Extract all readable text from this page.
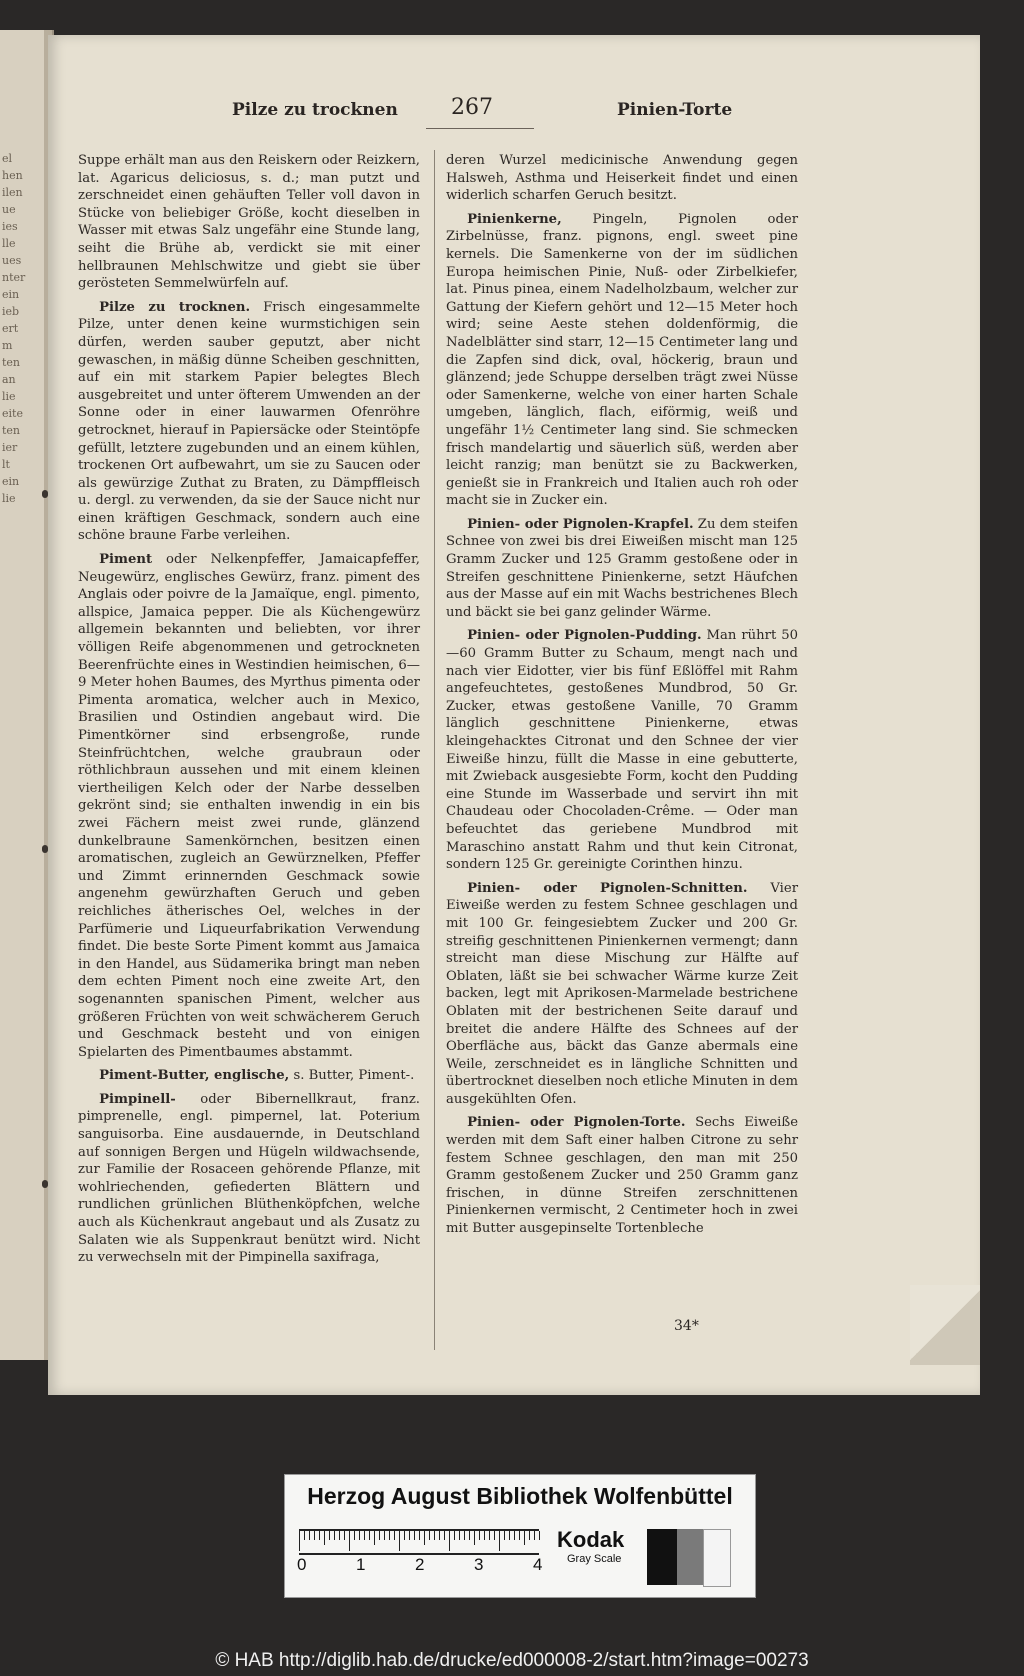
el
hen
ilen
ue
ies
lle
ues
nter
ein
ieb
ert
m
ten
an
lie
eite
ten
ier
lt
ein
lie
Pilze zu trocknen	267	Pinien-Torte

Suppe erhält man aus den Reiskern oder Reizkern, lat. Agaricus deliciosus, s. d.; man putzt und zerschneidet einen gehäuften Teller voll davon in Stücke von beliebiger Größe, kocht dieselben in Wasser mit etwas Salz ungefähr eine Stunde lang, seiht die Brühe ab, verdickt sie mit einer hellbraunen Mehlschwitze und giebt sie über gerösteten Semmelwürfeln auf.

Pilze zu trocknen. Frisch eingesammelte Pilze, unter denen keine wurmstichigen sein dürfen, werden sauber geputzt, aber nicht gewaschen, in mäßig dünne Scheiben geschnitten, auf ein mit starkem Papier belegtes Blech ausgebreitet und unter öfterem Umwenden an der Sonne oder in einer lauwarmen Ofenröhre getrocknet, hierauf in Papiersäcke oder Steintöpfe gefüllt, letztere zugebunden und an einem kühlen, trockenen Ort aufbewahrt, um sie zu Saucen oder als gewürzige Zuthat zu Braten, zu Dämpffleisch u. dergl. zu verwenden, da sie der Sauce nicht nur einen kräftigen Geschmack, sondern auch eine schöne braune Farbe verleihen.

Piment oder Nelkenpfeffer, Jamaicapfeffer, Neugewürz, englisches Gewürz, franz. piment des Anglais oder poivre de la Jamaïque, engl. pimento, allspice, Jamaica pepper. Die als Küchengewürz allgemein bekannten und beliebten, vor ihrer völligen Reife abgenommenen und getrockneten Beerenfrüchte eines in Westindien heimischen, 6—9 Meter hohen Baumes, des Myrthus pimenta oder Pimenta aromatica, welcher auch in Mexico, Brasilien und Ostindien angebaut wird. Die Pimentkörner sind erbsengroße, runde Steinfrüchtchen, welche graubraun oder röthlichbraun aussehen und mit einem kleinen viertheiligen Kelch oder der Narbe desselben gekrönt sind; sie enthalten inwendig in ein bis zwei Fächern meist zwei runde, glänzend dunkelbraune Samenkörnchen, besitzen einen aromatischen, zugleich an Gewürznelken, Pfeffer und Zimmt erinnernden Geschmack sowie angenehm gewürzhaften Geruch und geben reichliches ätherisches Oel, welches in der Parfümerie und Liqueurfabrikation Verwendung findet. Die beste Sorte Piment kommt aus Jamaica in den Handel, aus Südamerika bringt man neben dem echten Piment noch eine zweite Art, den sogenannten spanischen Piment, welcher aus größeren Früchten von weit schwächerem Geruch und Geschmack besteht und von einigen Spielarten des Pimentbaumes abstammt.

Piment-Butter, englische, s. Butter, Piment-.

Pimpinell- oder Bibernellkraut, franz. pimprenelle, engl. pimpernel, lat. Poterium sanguisorba. Eine ausdauernde, in Deutschland auf sonnigen Bergen und Hügeln wildwachsende, zur Familie der Rosaceen gehörende Pflanze, mit wohlriechenden, gefiederten Blättern und rundlichen grünlichen Blüthenköpfchen, welche auch als Küchenkraut angebaut und als Zusatz zu Salaten wie als Suppenkraut benützt wird. Nicht zu verwechseln mit der Pimpinella saxifraga,

deren Wurzel medicinische Anwendung gegen Halsweh, Asthma und Heiserkeit findet und einen widerlich scharfen Geruch besitzt.

Pinienkerne, Pingeln, Pignolen oder Zirbelnüsse, franz. pignons, engl. sweet pine kernels. Die Samenkerne von der im südlichen Europa heimischen Pinie, Nuß- oder Zirbelkiefer, lat. Pinus pinea, einem Nadelholzbaum, welcher zur Gattung der Kiefern gehört und 12—15 Meter hoch wird; seine Aeste stehen doldenförmig, die Nadelblätter sind starr, 12—15 Centimeter lang und die Zapfen sind dick, oval, höckerig, braun und glänzend; jede Schuppe derselben trägt zwei Nüsse oder Samenkerne, welche von einer harten Schale umgeben, länglich, flach, eiförmig, weiß und ungefähr 1½ Centimeter lang sind. Sie schmecken frisch mandelartig und säuerlich süß, werden aber leicht ranzig; man benützt sie zu Backwerken, genießt sie in Frankreich und Italien auch roh oder macht sie in Zucker ein.

Pinien- oder Pignolen-Krapfel. Zu dem steifen Schnee von zwei bis drei Eiweißen mischt man 125 Gramm Zucker und 125 Gramm gestoßene oder in Streifen geschnittene Pinienkerne, setzt Häufchen aus der Masse auf ein mit Wachs bestrichenes Blech und bäckt sie bei ganz gelinder Wärme.

Pinien- oder Pignolen-Pudding. Man rührt 50—60 Gramm Butter zu Schaum, mengt nach und nach vier Eidotter, vier bis fünf Eßlöffel mit Rahm angefeuchtetes, gestoßenes Mundbrod, 50 Gr. Zucker, etwas gestoßene Vanille, 70 Gramm länglich geschnittene Pinienkerne, etwas kleingehacktes Citronat und den Schnee der vier Eiweiße hinzu, füllt die Masse in eine gebutterte, mit Zwieback ausgesiebte Form, kocht den Pudding eine Stunde im Wasserbade und servirt ihn mit Chaudeau oder Chocoladen-Crême. — Oder man befeuchtet das geriebene Mundbrod mit Maraschino anstatt Rahm und thut kein Citronat, sondern 125 Gr. gereinigte Corinthen hinzu.

Pinien- oder Pignolen-Schnitten. Vier Eiweiße werden zu festem Schnee geschlagen und mit 100 Gr. feingesiebtem Zucker und 200 Gr. streifig geschnittenen Pinienkernen vermengt; dann streicht man diese Mischung zur Hälfte auf Oblaten, läßt sie bei schwacher Wärme kurze Zeit backen, legt mit Aprikosen-Marmelade bestrichene Oblaten mit der bestrichenen Seite darauf und breitet die andere Hälfte des Schnees auf der Oberfläche aus, bäckt das Ganze abermals eine Weile, zerschneidet es in längliche Schnitten und übertrocknet dieselben noch etliche Minuten in dem ausgekühlten Ofen.

Pinien- oder Pignolen-Torte. Sechs Eiweiße werden mit dem Saft einer halben Citrone zu sehr festem Schnee geschlagen, den man mit 250 Gramm gestoßenem Zucker und 250 Gramm ganz frischen, in dünne Streifen zerschnittenen Pinienkernen vermischt, 2 Centimeter hoch in zwei mit Butter ausgepinselte Tortenbleche

34*
Herzog August Bibliothek Wolfenbüttel
0	1	2	3	4
Kodak
Gray Scale
© HAB http://diglib.hab.de/drucke/ed000008-2/start.htm?image=00273
